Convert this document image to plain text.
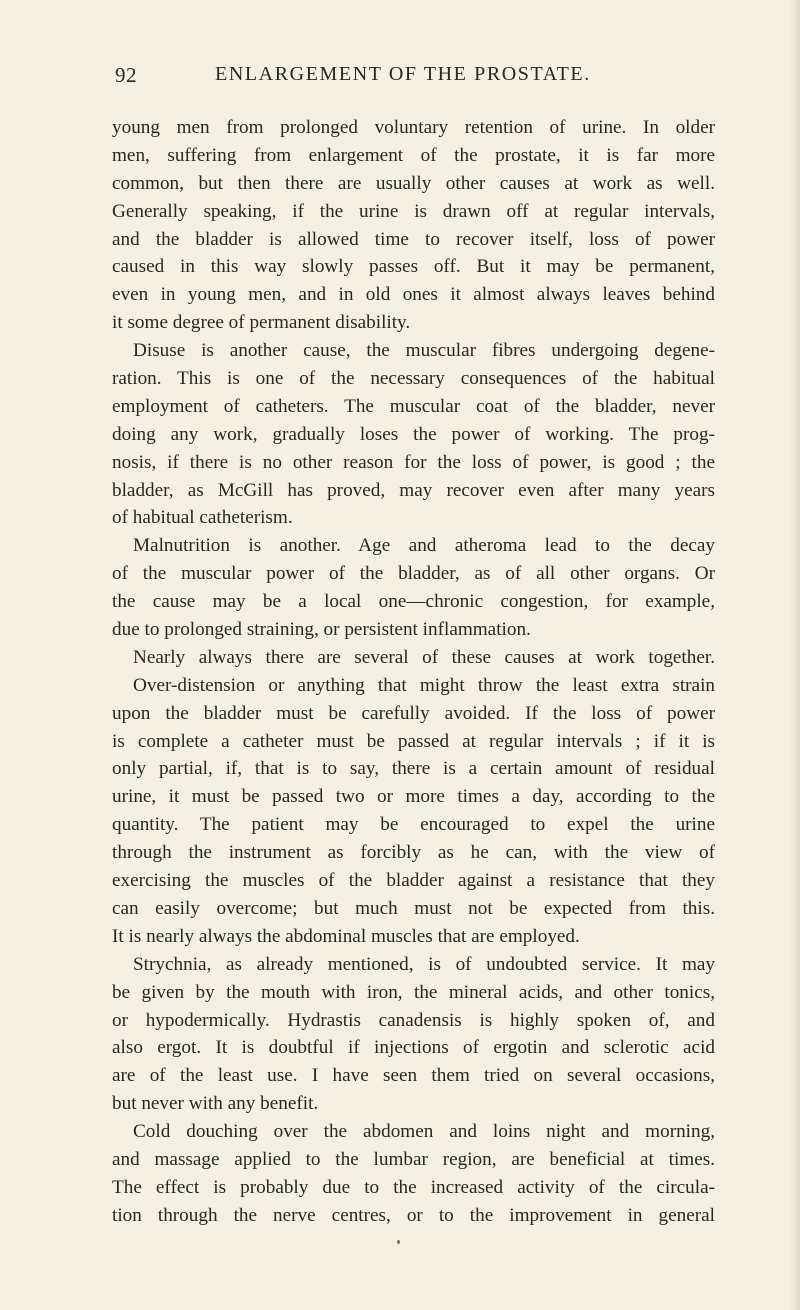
92	ENLARGEMENT OF THE PROSTATE.
young men from prolonged voluntary retention of urine. In older
men, suffering from enlargement of the prostate, it is far more
common, but then there are usually other causes at work as well.
Generally speaking, if the urine is drawn off at regular intervals,
and the bladder is allowed time to recover itself, loss of power
caused in this way slowly passes off. But it may be permanent,
even in young men, and in old ones it almost always leaves behind
it some degree of permanent disability.
Disuse is another cause, the muscular fibres undergoing degene-
ration. This is one of the necessary consequences of the habitual
employment of catheters. The muscular coat of the bladder, never
doing any work, gradually loses the power of working. The prog-
nosis, if there is no other reason for the loss of power, is good ; the
bladder, as McGill has proved, may recover even after many years
of habitual catheterism.
Malnutrition is another. Age and atheroma lead to the decay
of the muscular power of the bladder, as of all other organs. Or
the cause may be a local one—chronic congestion, for example,
due to prolonged straining, or persistent inflammation.
Nearly always there are several of these causes at work together.
Over-distension or anything that might throw the least extra strain
upon the bladder must be carefully avoided. If the loss of power
is complete a catheter must be passed at regular intervals ; if it is
only partial, if, that is to say, there is a certain amount of residual
urine, it must be passed two or more times a day, according to the
quantity. The patient may be encouraged to expel the urine
through the instrument as forcibly as he can, with the view of
exercising the muscles of the bladder against a resistance that they
can easily overcome; but much must not be expected from this.
It is nearly always the abdominal muscles that are employed.
Strychnia, as already mentioned, is of undoubted service. It may
be given by the mouth with iron, the mineral acids, and other tonics,
or hypodermically. Hydrastis canadensis is highly spoken of, and
also ergot. It is doubtful if injections of ergotin and sclerotic acid
are of the least use. I have seen them tried on several occasions,
but never with any benefit.
Cold douching over the abdomen and loins night and morning,
and massage applied to the lumbar region, are beneficial at times.
The effect is probably due to the increased activity of the circula-
tion through the nerve centres, or to the improvement in general
